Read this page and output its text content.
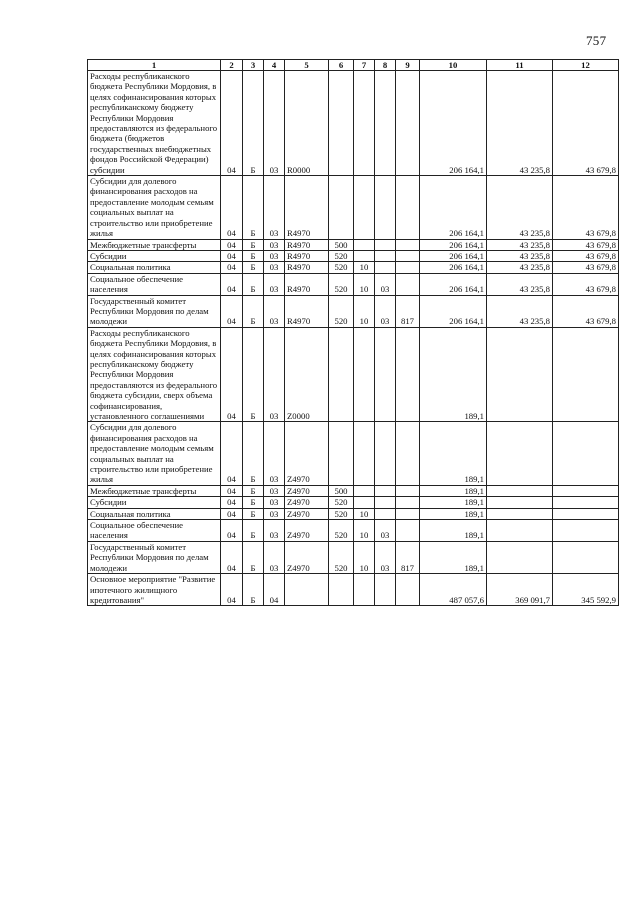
757
1	2	3	4	5	6	7	8	9	10	11	12
Расходы республиканского бюджета Республики Мордовия, в целях софинансирования которых республиканскому бюджету Республики Мордовия предоставляются из федерального бюджета (бюджетов государственных внебюджетных фондов Российской Федерации) субсидии	04	Б	03	R0000					206 164,1	43 235,8	43 679,8
Субсидии для долевого финансирования расходов на предоставление молодым семьям социальных выплат на строительство или приобретение жилья	04	Б	03	R4970					206 164,1	43 235,8	43 679,8
Межбюджетные трансферты	04	Б	03	R4970	500				206 164,1	43 235,8	43 679,8
Субсидии	04	Б	03	R4970	520				206 164,1	43 235,8	43 679,8
Социальная политика	04	Б	03	R4970	520	10			206 164,1	43 235,8	43 679,8
Социальное обеспечение населения	04	Б	03	R4970	520	10	03		206 164,1	43 235,8	43 679,8
Государственный комитет Республики Мордовия по делам молодежи	04	Б	03	R4970	520	10	03	817	206 164,1	43 235,8	43 679,8
Расходы республиканского бюджета Республики Мордовия, в целях софинансирования которых республиканскому бюджету Республики Мордовия предоставляются из федерального бюджета субсидии, сверх объема софинансирования, установленного соглашениями	04	Б	03	Z0000					189,1		
Субсидии для долевого финансирования расходов на предоставление молодым семьям социальных выплат на строительство или приобретение жилья	04	Б	03	Z4970					189,1		
Межбюджетные трансферты	04	Б	03	Z4970	500				189,1		
Субсидии	04	Б	03	Z4970	520				189,1		
Социальная политика	04	Б	03	Z4970	520	10			189,1		
Социальное обеспечение населения	04	Б	03	Z4970	520	10	03		189,1		
Государственный комитет Республики Мордовия по делам молодежи	04	Б	03	Z4970	520	10	03	817	189,1		
Основное мероприятие "Развитие ипотечного жилищного кредитования"	04	Б	04						487 057,6	369 091,7	345 592,9
